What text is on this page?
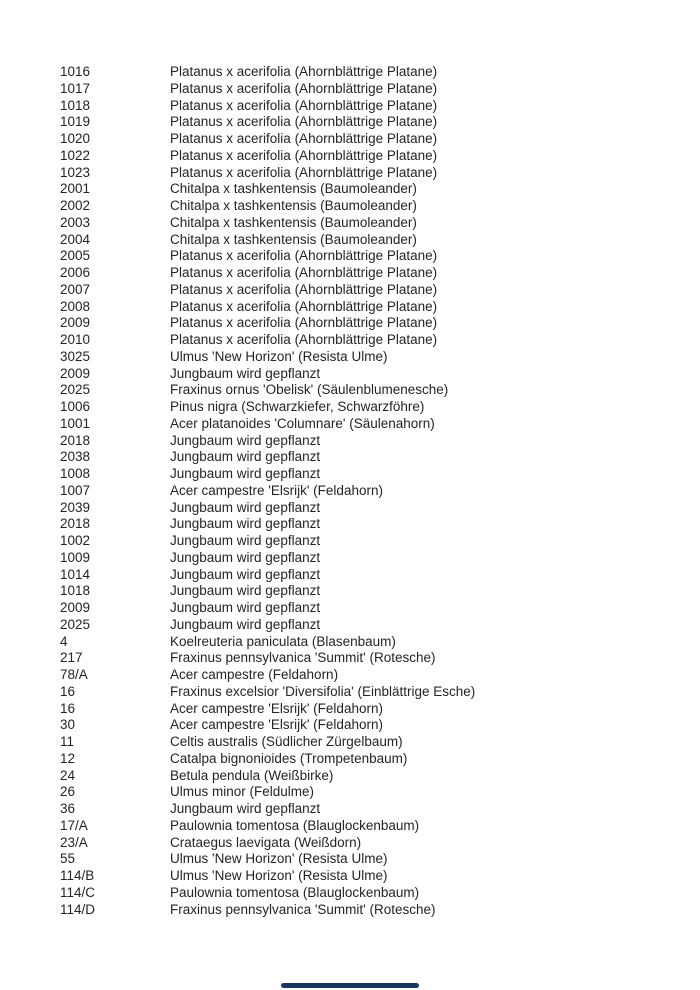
1016	Platanus x acerifolia (Ahornblättrige Platane)
1017	Platanus x acerifolia (Ahornblättrige Platane)
1018	Platanus x acerifolia (Ahornblättrige Platane)
1019	Platanus x acerifolia (Ahornblättrige Platane)
1020	Platanus x acerifolia (Ahornblättrige Platane)
1022	Platanus x acerifolia (Ahornblättrige Platane)
1023	Platanus x acerifolia (Ahornblättrige Platane)
2001	Chitalpa x tashkentensis (Baumoleander)
2002	Chitalpa x tashkentensis (Baumoleander)
2003	Chitalpa x tashkentensis (Baumoleander)
2004	Chitalpa x tashkentensis (Baumoleander)
2005	Platanus x acerifolia (Ahornblättrige Platane)
2006	Platanus x acerifolia (Ahornblättrige Platane)
2007	Platanus x acerifolia (Ahornblättrige Platane)
2008	Platanus x acerifolia (Ahornblättrige Platane)
2009	Platanus x acerifolia (Ahornblättrige Platane)
2010	Platanus x acerifolia (Ahornblättrige Platane)
3025	Ulmus 'New Horizon' (Resista Ulme)
2009	Jungbaum wird gepflanzt
2025	Fraxinus ornus 'Obelisk' (Säulenblumenesche)
1006	Pinus nigra (Schwarzkiefer, Schwarzföhre)
1001	Acer platanoides 'Columnare' (Säulenahorn)
2018	Jungbaum wird gepflanzt
2038	Jungbaum wird gepflanzt
1008	Jungbaum wird gepflanzt
1007	Acer campestre 'Elsrijk' (Feldahorn)
2039	Jungbaum wird gepflanzt
2018	Jungbaum wird gepflanzt
1002	Jungbaum wird gepflanzt
1009	Jungbaum wird gepflanzt
1014	Jungbaum wird gepflanzt
1018	Jungbaum wird gepflanzt
2009	Jungbaum wird gepflanzt
2025	Jungbaum wird gepflanzt
4	Koelreuteria paniculata (Blasenbaum)
217	Fraxinus pennsylvanica 'Summit' (Rotesche)
78/A	Acer campestre (Feldahorn)
16	Fraxinus excelsior 'Diversifolia' (Einblättrige Esche)
16	Acer campestre 'Elsrijk' (Feldahorn)
30	Acer campestre 'Elsrijk' (Feldahorn)
11	Celtis australis (Südlicher Zürgelbaum)
12	Catalpa bignonioides (Trompetenbaum)
24	Betula pendula (Weißbirke)
26	Ulmus minor (Feldulme)
36	Jungbaum wird gepflanzt
17/A	Paulownia tomentosa (Blauglockenbaum)
23/A	Crataegus laevigata (Weißdorn)
55	Ulmus 'New Horizon' (Resista Ulme)
114/B	Ulmus 'New Horizon' (Resista Ulme)
114/C	Paulownia tomentosa (Blauglockenbaum)
114/D	Fraxinus pennsylvanica 'Summit' (Rotesche)
